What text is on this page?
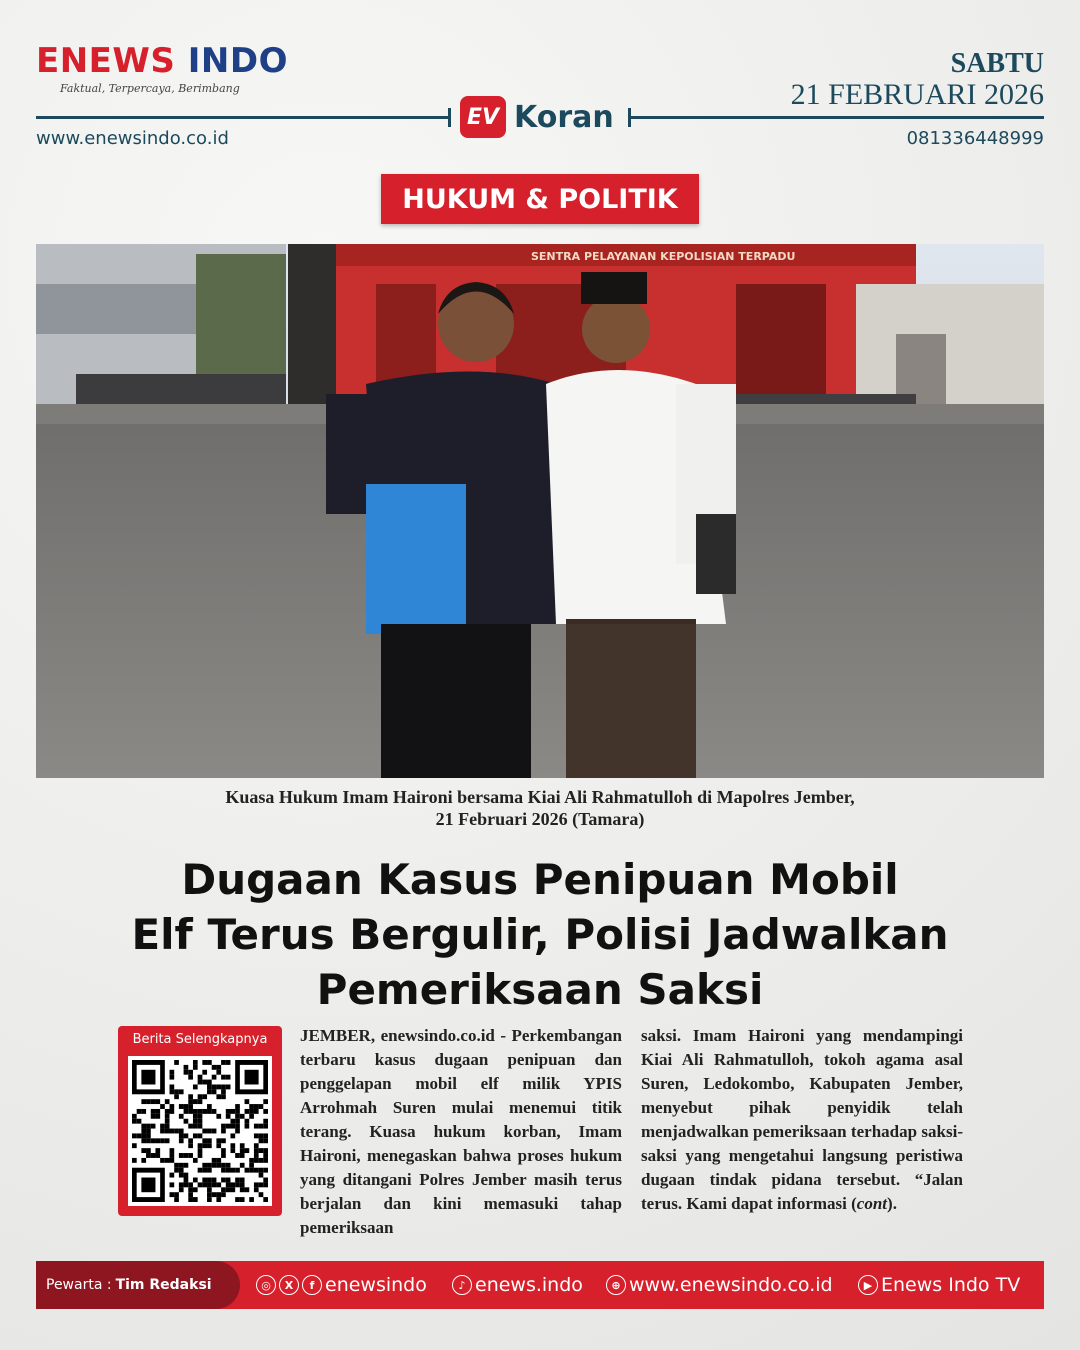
ENEWS INDO
Faktual, Terpercaya, Berimbang
SABTU
21 FEBRUARI 2026
EV Koran
www.enewsindo.co.id	081336448999
HUKUM & POLITIK
SENTRA PELAYANAN KEPOLISIAN TERPADU
Kuasa Hukum Imam Haironi bersama Kiai Ali Rahmatulloh di Mapolres Jember,
21 Februari 2026 (Tamara)
Dugaan Kasus Penipuan Mobil
Elf Terus Bergulir, Polisi Jadwalkan
Pemeriksaan Saksi
Berita Selengkapnya	JEMBER, enewsindo.co.id - Perkembangan terbaru kasus dugaan penipuan dan penggelapan mobil elf milik YPIS Arrohmah Suren mulai menemui titik terang. Kuasa hukum korban, Imam Haironi, menegaskan bahwa proses hukum yang ditangani Polres Jember masih terus berjalan dan kini memasuki tahap pemeriksaan
saksi. Imam Haironi yang mendampingi Kiai Ali Rahmatulloh, tokoh agama asal Suren, Ledokombo, Kabupaten Jember, menyebut pihak penyidik telah menjadwalkan pemeriksaan terhadap saksi-saksi yang mengetahui langsung peristiwa dugaan tindak pidana tersebut. “Jalan terus. Kami dapat informasi (cont).
Pewarta : Tim Redaksi	◎	X	f enewsindo	♪ enews.indo	⊕ www.enewsindo.co.id	▶ Enews Indo TV
